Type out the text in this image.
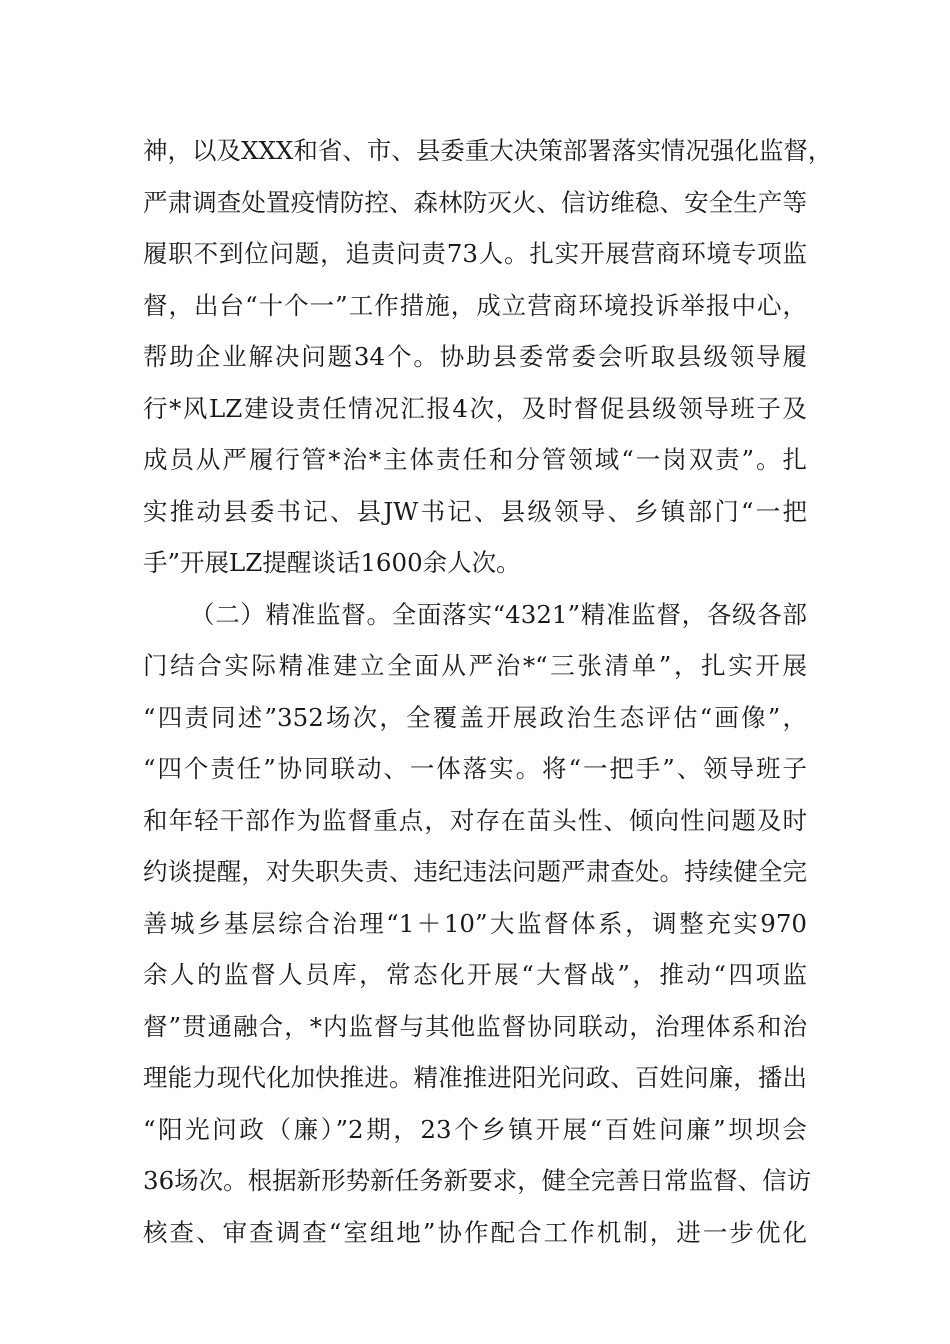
神，以及XXX和省、市、县委重大决策部署落实情况强化监督，
严肃调查处置疫情防控、森林防灭火、信访维稳、安全生产等
履职不到位问题，追责问责73人。扎实开展营商环境专项监
督，出台“十个一”工作措施，成立营商环境投诉举报中心，
帮助企业解决问题34个。协助县委常委会听取县级领导履
行*风LZ建设责任情况汇报4次，及时督促县级领导班子及
成员从严履行管*治*主体责任和分管领域“一岗双责”。扎
实推动县委书记、县JW书记、县级领导、乡镇部门“一把
手”开展LZ提醒谈话1600余人次。
（二）精准监督。全面落实“4321”精准监督，各级各部
门结合实际精准建立全面从严治*“三张清单”，扎实开展
“四责同述”352场次，全覆盖开展政治生态评估“画像”，
“四个责任”协同联动、一体落实。将“一把手”、领导班子
和年轻干部作为监督重点，对存在苗头性、倾向性问题及时
约谈提醒，对失职失责、违纪违法问题严肃查处。持续健全完
善城乡基层综合治理“1＋10”大监督体系，调整充实970
余人的监督人员库，常态化开展“大督战”，推动“四项监
督”贯通融合，*内监督与其他监督协同联动，治理体系和治
理能力现代化加快推进。精准推进阳光问政、百姓问廉，播出
“阳光问政（廉）”2期，23个乡镇开展“百姓问廉”坝坝会
36场次。根据新形势新任务新要求，健全完善日常监督、信访
核查、审查调查“室组地”协作配合工作机制，进一步优化
